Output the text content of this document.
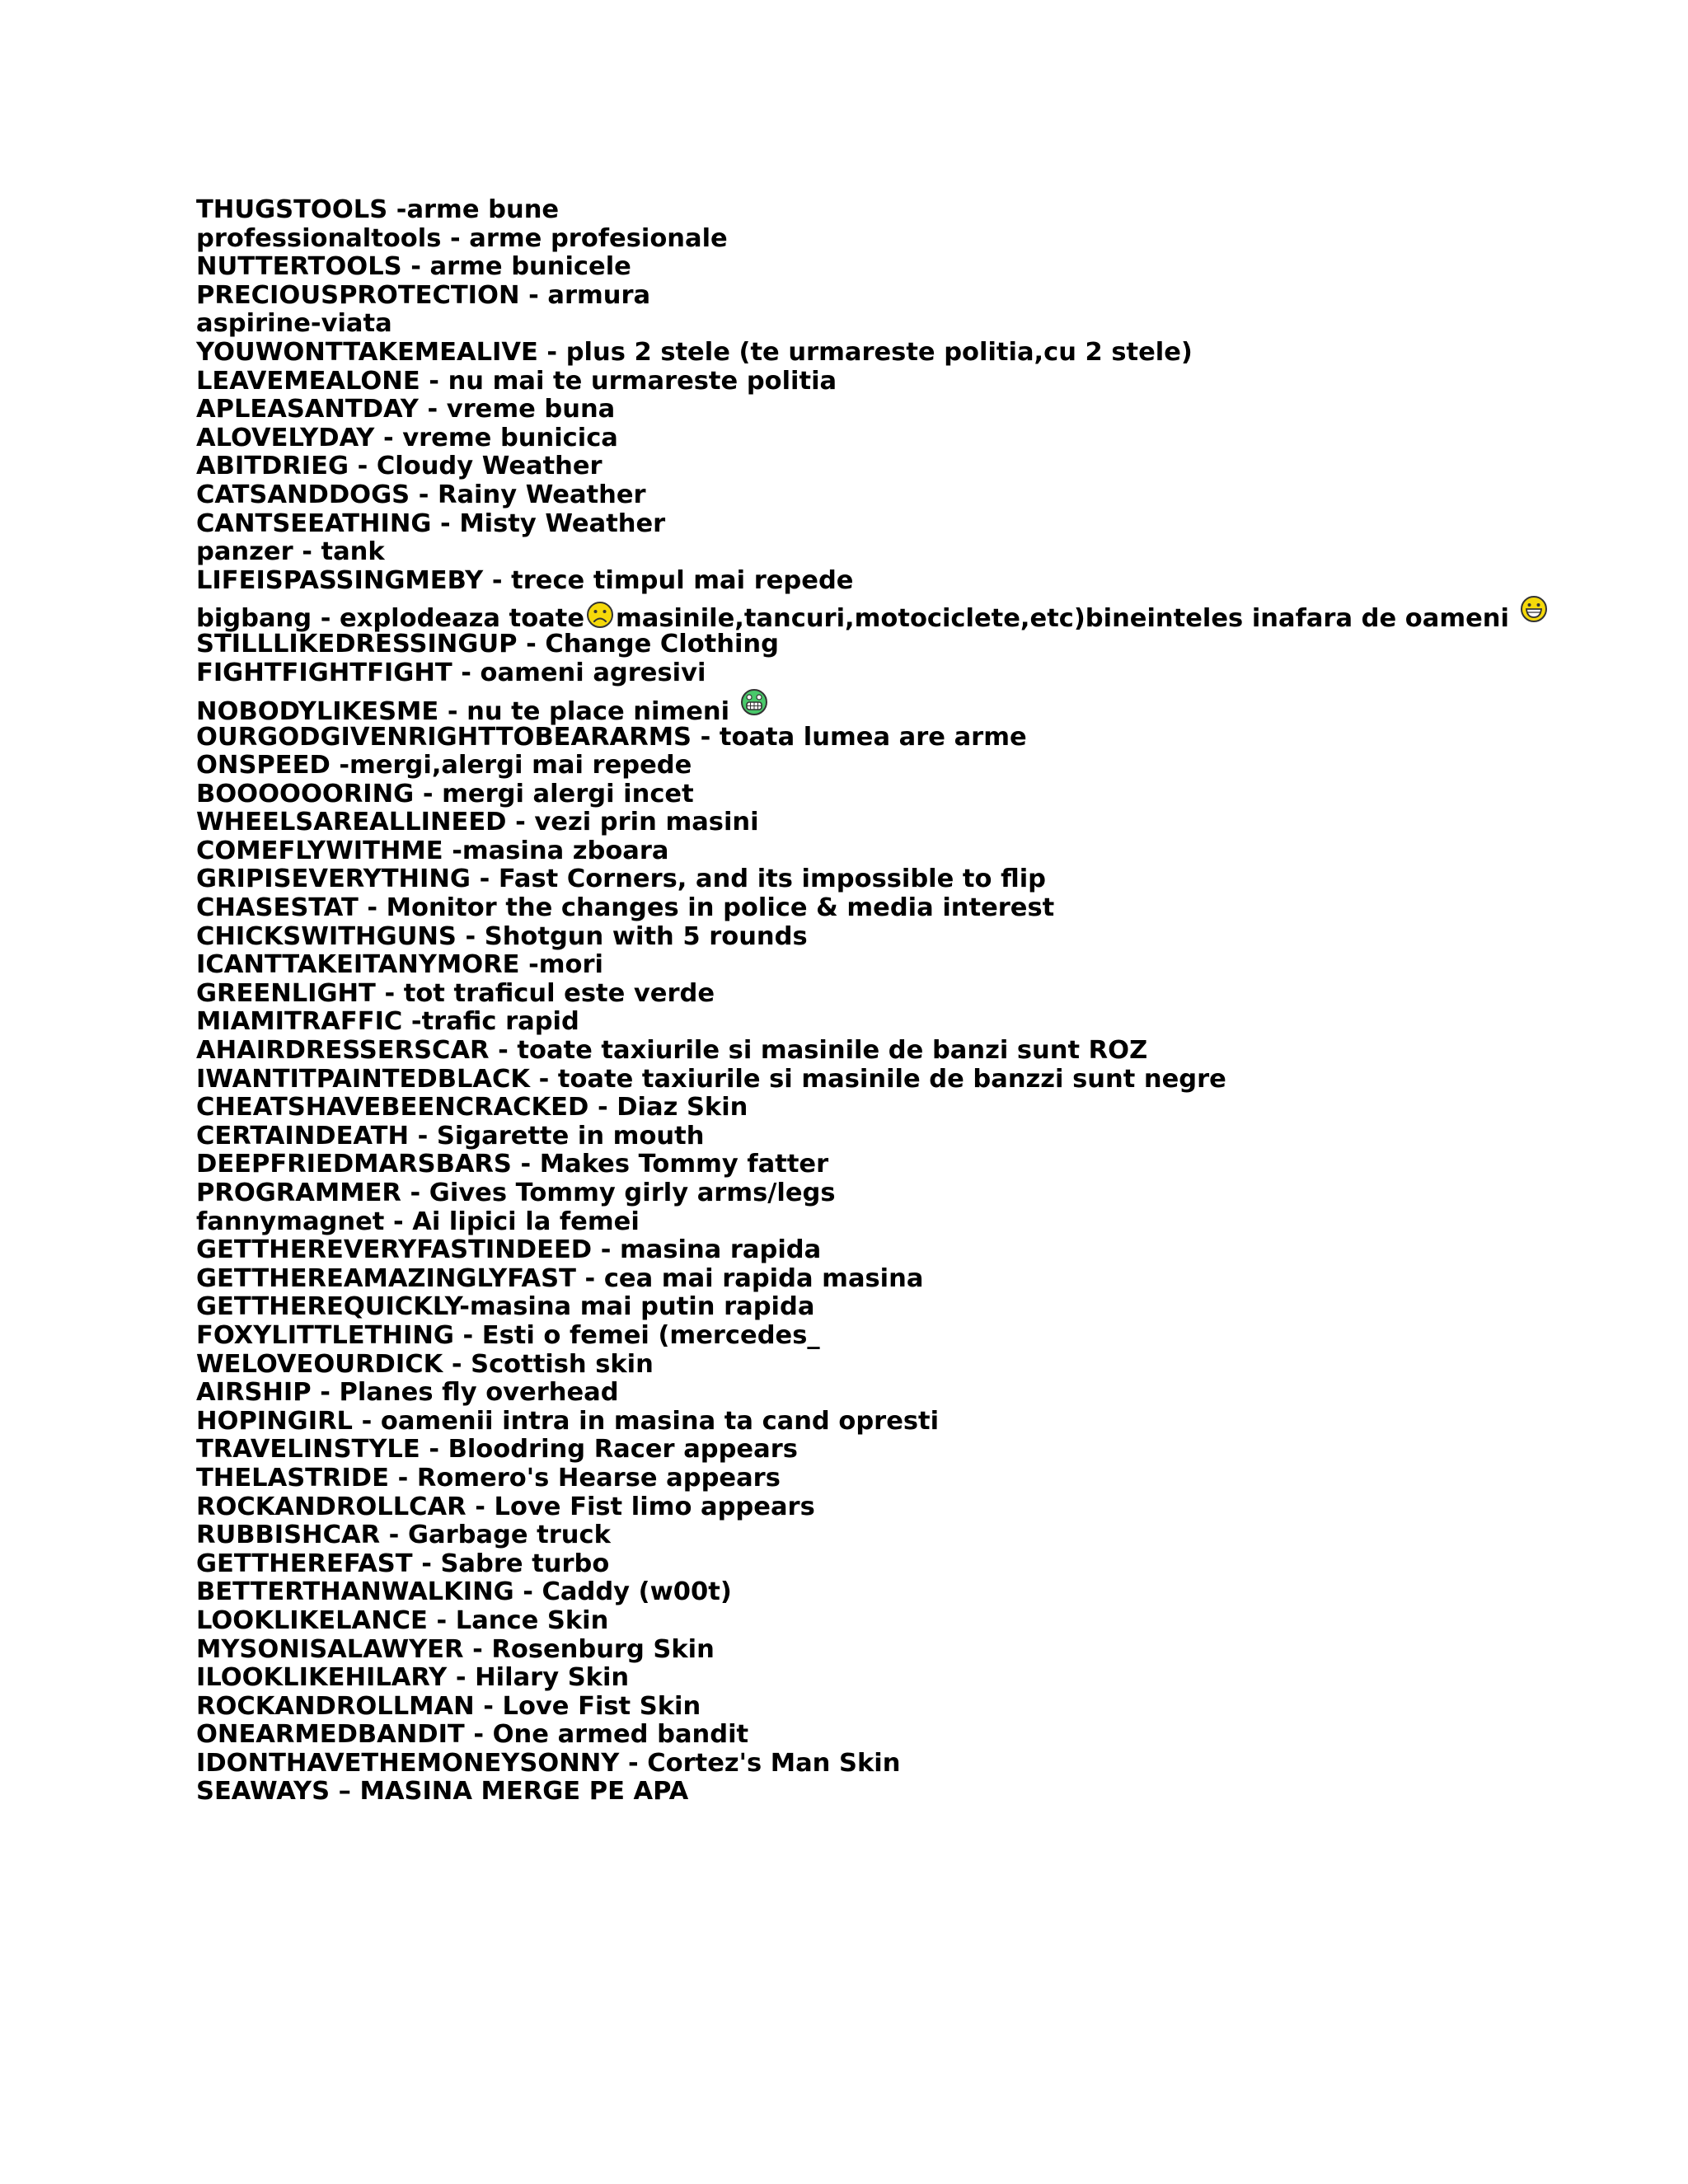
THUGSTOOLS -arme bune
professionaltools - arme profesionale
NUTTERTOOLS - arme bunicele
PRECIOUSPROTECTION - armura
aspirine-viata
YOUWONTTAKEMEALIVE - plus 2 stele (te urmareste politia,cu 2 stele)
LEAVEMEALONE - nu mai te urmareste politia
APLEASANTDAY - vreme buna
ALOVELYDAY - vreme bunicica
ABITDRIEG - Cloudy Weather
CATSANDDOGS - Rainy Weather
CANTSEEATHING - Misty Weather
panzer - tank
LIFEISPASSINGMEBY - trece timpul mai repede
bigbang - explodeaza toate masinile,tancuri,motociclete,etc)bineinteles inafara de oameni
STILLLIKEDRESSINGUP - Change Clothing
FIGHTFIGHTFIGHT - oameni agresivi
NOBODYLIKESME - nu te place nimeni
OURGODGIVENRIGHTTOBEARARMS - toata lumea are arme
ONSPEED -mergi,alergi mai repede
BOOOOOORING - mergi alergi incet
WHEELSAREALLINEED - vezi prin masini
COMEFLYWITHME -masina zboara
GRIPISEVERYTHING - Fast Corners, and its impossible to flip
CHASESTAT - Monitor the changes in police & media interest
CHICKSWITHGUNS - Shotgun with 5 rounds
ICANTTAKEITANYMORE -mori
GREENLIGHT - tot traficul este verde
MIAMITRAFFIC -trafic rapid
AHAIRDRESSERSCAR - toate taxiurile si masinile de banzi sunt ROZ
IWANTITPAINTEDBLACK - toate taxiurile si masinile de banzzi sunt negre
CHEATSHAVEBEENCRACKED - Diaz Skin
CERTAINDEATH - Sigarette in mouth
DEEPFRIEDMARSBARS - Makes Tommy fatter
PROGRAMMER - Gives Tommy girly arms/legs
fannymagnet - Ai lipici la femei
GETTHEREVERYFASTINDEED - masina rapida
GETTHEREAMAZINGLYFAST - cea mai rapida masina
GETTHEREQUICKLY-masina mai putin rapida
FOXYLITTLETHING - Esti o femei (mercedes_
WELOVEOURDICK - Scottish skin
AIRSHIP - Planes fly overhead
HOPINGIRL - oamenii intra in masina ta cand opresti
TRAVELINSTYLE - Bloodring Racer appears
THELASTRIDE - Romero's Hearse appears
ROCKANDROLLCAR - Love Fist limo appears
RUBBISHCAR - Garbage truck
GETTHEREFAST - Sabre turbo
BETTERTHANWALKING - Caddy (w00t)
LOOKLIKELANCE - Lance Skin
MYSONISALAWYER - Rosenburg Skin
ILOOKLIKEHILARY - Hilary Skin
ROCKANDROLLMAN - Love Fist Skin
ONEARMEDBANDIT - One armed bandit
IDONTHAVETHEMONEYSONNY - Cortez's Man Skin
SEAWAYS – MASINA MERGE PE APA
